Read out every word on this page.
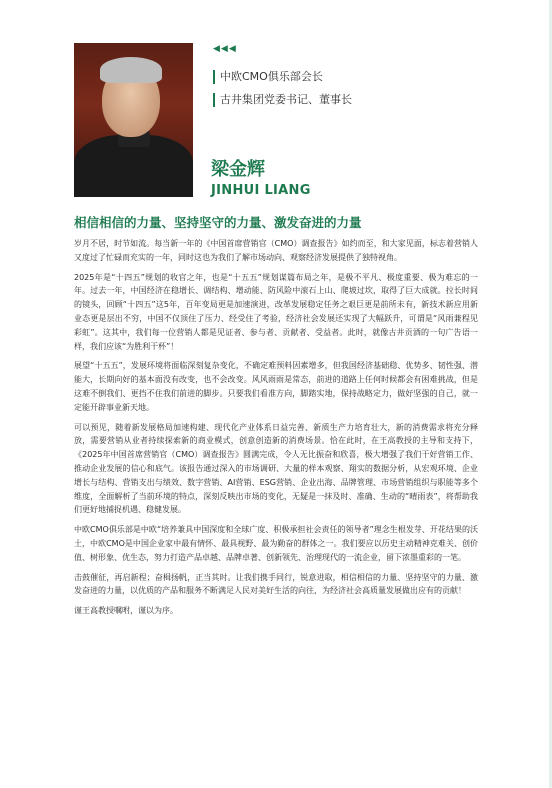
◀◀◀
中欧CMO俱乐部会长
古井集团党委书记、董事长
梁金辉
JINHUI LIANG
相信相信的力量、坚持坚守的力量、激发奋进的力量

岁月不居，时节如流。每当新一年的《中国首席营销官（CMO）调查报告》如约而至，和大家见面，标志着营销人又度过了忙碌而充实的一年，同时这也为我们了解市场动向、观察经济发展提供了独特视角。

2025年是“十四五”规划的收官之年，也是“十五五”规划谋篇布局之年，是极不平凡、极度重要、极为难忘的一年。过去一年，中国经济在稳增长、调结构、增动能、防风险中滚石上山、爬坡过坎，取得了巨大成就。拉长时间的镜头，回顾“十四五”这5年，百年变局更是加速演进，改革发展稳定任务之艰巨更是前所未有，新技术新应用新业态更是层出不穷，中国不仅顶住了压力、经受住了考验，经济社会发展还实现了大幅跃升，可谓是“风雨兼程见彩虹”。这其中，我们每一位营销人都是见证者、参与者、贡献者、受益者。此时，就像古井贡酒的一句广告语一样，我们应该“为胜利干杯”！

展望“十五五”，发展环境将面临深刻复杂变化，不确定难预料因素增多，但我国经济基础稳、优势多、韧性强、潜能大，长期向好的基本面没有改变，也不会改变。风风雨雨是常态，前进的道路上任何时候都会有困难挑战，但是这难不倒我们、更挡不住我们前进的脚步。只要我们看准方向，脚踏实地，保持战略定力，做好坚强的自己，就一定能开辟事业新天地。

可以预见，随着新发展格局加速构建、现代化产业体系日益完善、新质生产力培育壮大，新的消费需求将充分释放，需要营销从业者持续探索新的商业模式，创意创造新的消费场景。恰在此时，在王高教授的主导和支持下，《2025年中国首席营销官（CMO）调查报告》圆满完成，令人无比振奋和欣喜，极大增强了我们干好营销工作、推动企业发展的信心和底气。该报告通过深入的市场调研、大量的样本观察、翔实的数据分析，从宏观环境、企业增长与结构、营销支出与绩效、数字营销、AI营销、ESG营销、企业出海、品牌管理、市场营销组织与职能等多个维度，全面解析了当前环境的特点，深刻反映出市场的变化，无疑是一抹及时、准确、生动的“晴雨表”，将帮助我们更好地捕捉机遇、稳健发展。

中欧CMO俱乐部是中欧“培养兼具中国深度和全球广度、积极承担社会责任的领导者”理念生根发芽、开花结果的沃土，中欧CMO是中国企业家中最有情怀、最具视野、最为勤奋的群体之一。我们要应以历史主动精神克难关、创价值、树形象、优生态，努力打造产品卓越、品牌卓著、创新领先、治理现代的一流企业，留下浓墨重彩的一笔。

击鼓催征，再启新程；奋楫扬帆，正当其时。让我们携手同行，锐意进取，相信相信的力量、坚持坚守的力量、激发奋进的力量，以优质的产品和服务不断满足人民对美好生活的向往，为经济社会高质量发展做出应有的贡献！

谨王高教授嘱咐，谨以为序。
